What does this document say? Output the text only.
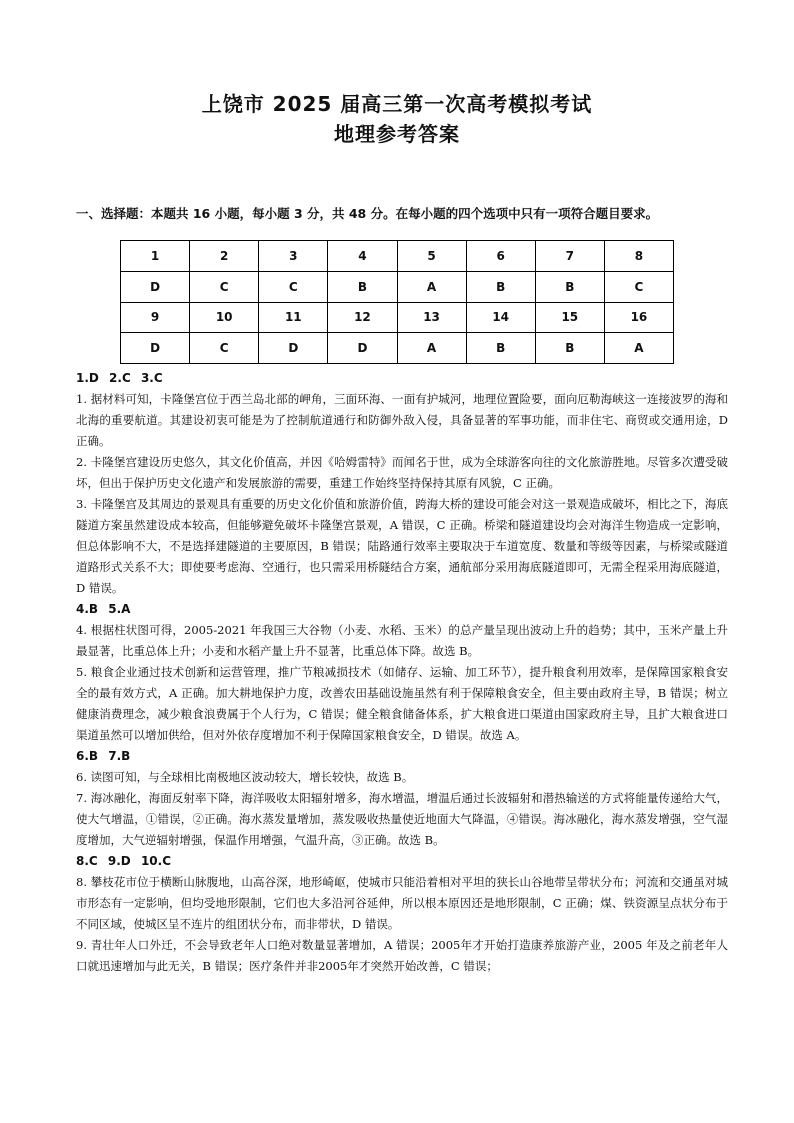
上饶市 2025 届高三第一次高考模拟考试
地理参考答案
一、选择题：本题共 16 小题，每小题 3 分，共 48 分。在每小题的四个选项中只有一项符合题目要求。
1	2	3	4	5	6	7	8
D	C	C	B	A	B	B	C
9	10	11	12	13	14	15	16
D	C	D	D	A	B	B	A

1.D 2.C 3.C

1. 据材料可知，卡隆堡宫位于西兰岛北部的岬角，三面环海、一面有护城河，地理位置险要，面向厄勒海峡这一连接波罗的海和北海的重要航道。其建设初衷可能是为了控制航道通行和防御外敌入侵，具备显著的军事功能，而非住宅、商贸或交通用途，D 正确。

2. 卡隆堡宫建设历史悠久，其文化价值高，并因《哈姆雷特》而闻名于世，成为全球游客向往的文化旅游胜地。尽管多次遭受破坏，但出于保护历史文化遗产和发展旅游的需要，重建工作始终坚持保持其原有风貌，C 正确。

3. 卡隆堡宫及其周边的景观具有重要的历史文化价值和旅游价值，跨海大桥的建设可能会对这一景观造成破坏，相比之下，海底隧道方案虽然建设成本较高，但能够避免破坏卡隆堡宫景观，A 错误，C 正确。桥梁和隧道建设均会对海洋生物造成一定影响，但总体影响不大，不是选择建隧道的主要原因，B 错误；陆路通行效率主要取决于车道宽度、数量和等级等因素，与桥梁或隧道道路形式关系不大；即使要考虑海、空通行，也只需采用桥隧结合方案，通航部分采用海底隧道即可，无需全程采用海底隧道，D 错误。

4.B 5.A

4. 根据柱状图可得，2005-2021 年我国三大谷物（小麦、水稻、玉米）的总产量呈现出波动上升的趋势；其中，玉米产量上升最显著，比重总体上升；小麦和水稻产量上升不显著，比重总体下降。故选 B。

5. 粮食企业通过技术创新和运营管理，推广节粮减损技术（如储存、运输、加工环节），提升粮食利用效率，是保障国家粮食安全的最有效方式，A 正确。加大耕地保护力度，改善农田基础设施虽然有利于保障粮食安全，但主要由政府主导，B 错误；树立健康消费理念，减少粮食浪费属于个人行为，C 错误；健全粮食储备体系，扩大粮食进口渠道由国家政府主导，且扩大粮食进口渠道虽然可以增加供给，但对外依存度增加不利于保障国家粮食安全，D 错误。故选 A。

6.B 7.B

6. 读图可知，与全球相比南极地区波动较大，增长较快，故选 B。

7. 海冰融化，海面反射率下降，海洋吸收太阳辐射增多，海水增温，增温后通过长波辐射和潜热输送的方式将能量传递给大气，使大气增温，①错误，②正确。海水蒸发量增加，蒸发吸收热量使近地面大气降温，④错误。海冰融化，海水蒸发增强，空气湿度增加，大气逆辐射增强，保温作用增强，气温升高，③正确。故选 B。

8.C 9.D 10.C

8. 攀枝花市位于横断山脉腹地，山高谷深，地形崎岖，使城市只能沿着相对平坦的狭长山谷地带呈带状分布；河流和交通虽对城市形态有一定影响，但均受地形限制，它们也大多沿河谷延伸，所以根本原因还是地形限制，C 正确；煤、铁资源呈点状分布于不同区域，使城区呈不连片的组团状分布，而非带状，D 错误。

9. 青壮年人口外迁，不会导致老年人口绝对数量显著增加，A 错误；2005年才开始打造康养旅游产业，2005 年及之前老年人口就迅速增加与此无关，B 错误；医疗条件并非2005年才突然开始改善，C 错误；
